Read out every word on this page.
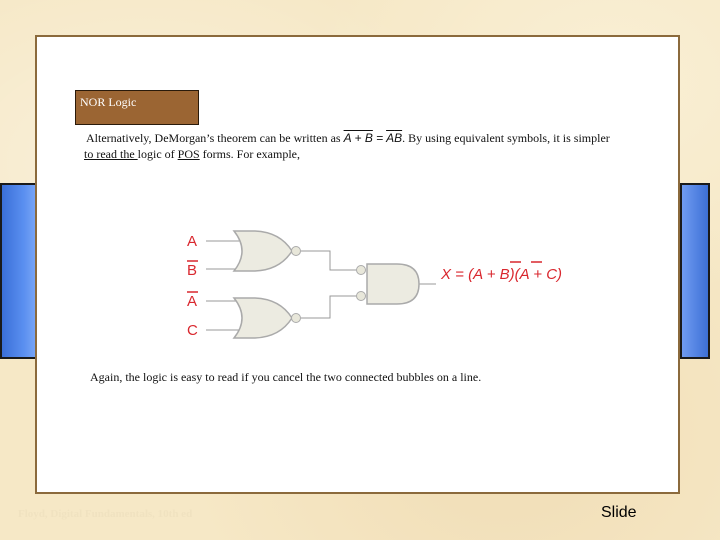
NOR Logic
Alternatively, DeMorgan’s theorem can be written as $A + B = \overline{A}\overline{B}$. By using equivalent symbols, it is simpler
to read the logic of POS forms. For example,
A
B
A
C
X = (A + B)(A + C)
Again, the logic is easy to read if you cancel the two connected bubbles on a line.
Floyd, Digital Fundamentals, 10th ed	Slide
